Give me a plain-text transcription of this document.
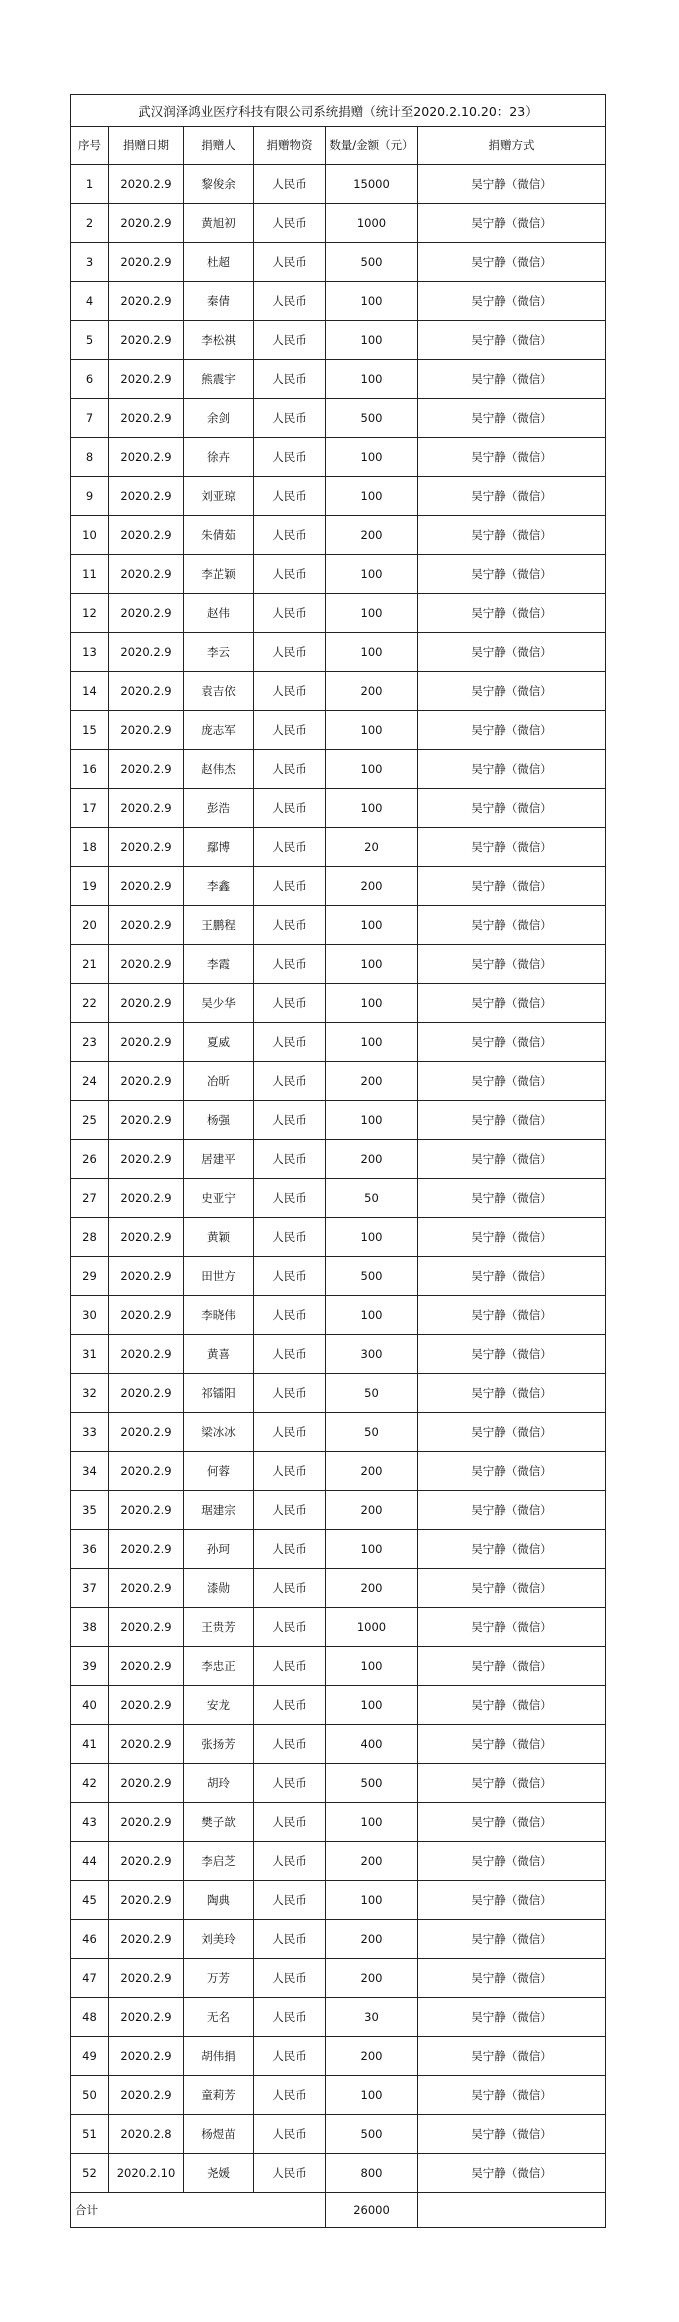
武汉润泽鸿业医疗科技有限公司系统捐赠（统计至2020.2.10.20：23）					
序号	捐赠日期	捐赠人	捐赠物资	数量/金额（元）	捐赠方式
1	2020.2.9	黎俊余	人民币	15000	吴宁静（微信）
2	2020.2.9	黄旭初	人民币	1000	吴宁静（微信）
3	2020.2.9	杜超	人民币	500	吴宁静（微信）
4	2020.2.9	秦倩	人民币	100	吴宁静（微信）
5	2020.2.9	李松祺	人民币	100	吴宁静（微信）
6	2020.2.9	熊震宇	人民币	100	吴宁静（微信）
7	2020.2.9	余剑	人民币	500	吴宁静（微信）
8	2020.2.9	徐卉	人民币	100	吴宁静（微信）
9	2020.2.9	刘亚琼	人民币	100	吴宁静（微信）
10	2020.2.9	朱倩茹	人民币	200	吴宁静（微信）
11	2020.2.9	李芷颖	人民币	100	吴宁静（微信）
12	2020.2.9	赵伟	人民币	100	吴宁静（微信）
13	2020.2.9	李云	人民币	100	吴宁静（微信）
14	2020.2.9	袁吉依	人民币	200	吴宁静（微信）
15	2020.2.9	庞志军	人民币	100	吴宁静（微信）
16	2020.2.9	赵伟杰	人民币	100	吴宁静（微信）
17	2020.2.9	彭浩	人民币	100	吴宁静（微信）
18	2020.2.9	鄢博	人民币	20	吴宁静（微信）
19	2020.2.9	李鑫	人民币	200	吴宁静（微信）
20	2020.2.9	王鹏程	人民币	100	吴宁静（微信）
21	2020.2.9	李霞	人民币	100	吴宁静（微信）
22	2020.2.9	吴少华	人民币	100	吴宁静（微信）
23	2020.2.9	夏威	人民币	100	吴宁静（微信）
24	2020.2.9	冶昕	人民币	200	吴宁静（微信）
25	2020.2.9	杨强	人民币	100	吴宁静（微信）
26	2020.2.9	居建平	人民币	200	吴宁静（微信）
27	2020.2.9	史亚宁	人民币	50	吴宁静（微信）
28	2020.2.9	黄颖	人民币	100	吴宁静（微信）
29	2020.2.9	田世方	人民币	500	吴宁静（微信）
30	2020.2.9	李晓伟	人民币	100	吴宁静（微信）
31	2020.2.9	黄喜	人民币	300	吴宁静（微信）
32	2020.2.9	祁镭阳	人民币	50	吴宁静（微信）
33	2020.2.9	梁冰冰	人民币	50	吴宁静（微信）
34	2020.2.9	何蓉	人民币	200	吴宁静（微信）
35	2020.2.9	琚建宗	人民币	200	吴宁静（微信）
36	2020.2.9	孙珂	人民币	100	吴宁静（微信）
37	2020.2.9	漆勋	人民币	200	吴宁静（微信）
38	2020.2.9	王贵芳	人民币	1000	吴宁静（微信）
39	2020.2.9	李忠正	人民币	100	吴宁静（微信）
40	2020.2.9	安龙	人民币	100	吴宁静（微信）
41	2020.2.9	张扬芳	人民币	400	吴宁静（微信）
42	2020.2.9	胡玲	人民币	500	吴宁静（微信）
43	2020.2.9	樊子歆	人民币	100	吴宁静（微信）
44	2020.2.9	李启芝	人民币	200	吴宁静（微信）
45	2020.2.9	陶典	人民币	100	吴宁静（微信）
46	2020.2.9	刘美玲	人民币	200	吴宁静（微信）
47	2020.2.9	万芳	人民币	200	吴宁静（微信）
48	2020.2.9	无名	人民币	30	吴宁静（微信）
49	2020.2.9	胡伟捐	人民币	200	吴宁静（微信）
50	2020.2.9	童莉芳	人民币	100	吴宁静（微信）
51	2020.2.8	杨煜苗	人民币	500	吴宁静（微信）
52	2020.2.10	尧媛	人民币	800	吴宁静（微信）
合计				26000	
